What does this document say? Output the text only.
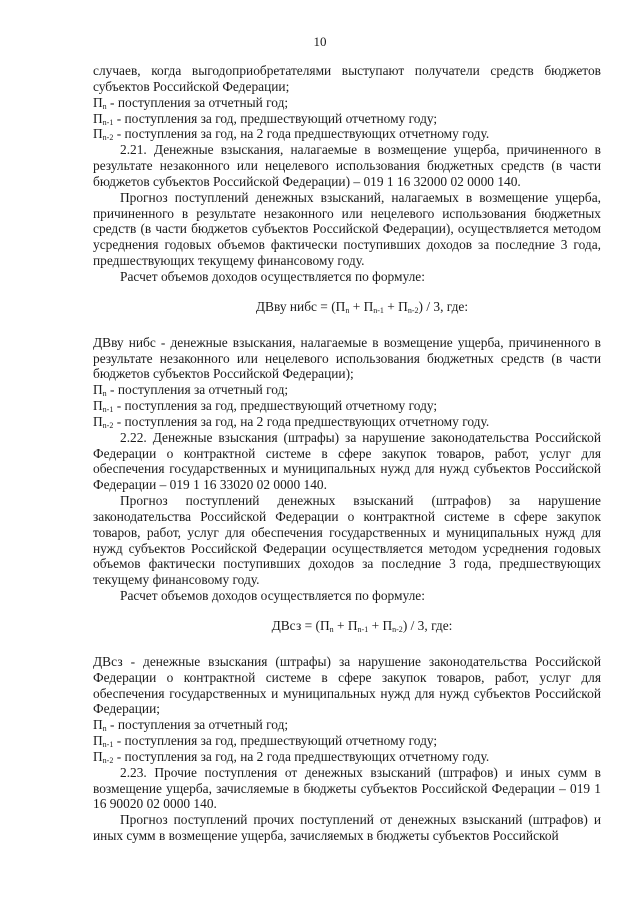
10

случаев, когда выгодоприобретателями выступают получатели средств бюджетов субъектов Российской Федерации;

$П_n$ - поступления за отчетный год;

$П_{n-1}$ - поступления за год, предшествующий отчетному году;

$П_{n-2}$ - поступления за год, на 2 года предшествующих отчетному году.

2.21. Денежные взыскания, налагаемые в возмещение ущерба, причиненного в результате незаконного или нецелевого использования бюджетных средств (в части бюджетов субъектов Российской Федерации) – 019 1 16 32000 02 0000 140.

Прогноз поступлений денежных взысканий, налагаемых в возмещение ущерба, причиненного в результате незаконного или нецелевого использования бюджетных средств (в части бюджетов субъектов Российской Федерации), осуществляется методом усреднения годовых объемов фактически поступивших доходов за последние 3 года, предшествующих текущему финансовому году.

Расчет объемов доходов осуществляется по формуле:

ДВву нибс = $(П_n + П_{n-1} + П_{n-2}) / 3$, где:

ДВву нибс - денежные взыскания, налагаемые в возмещение ущерба, причиненного в результате незаконного или нецелевого использования бюджетных средств (в части бюджетов субъектов Российской Федерации);

$П_n$ - поступления за отчетный год;

$П_{n-1}$ - поступления за год, предшествующий отчетному году;

$П_{n-2}$ - поступления за год, на 2 года предшествующих отчетному году.

2.22. Денежные взыскания (штрафы) за нарушение законодательства Российской Федерации о контрактной системе в сфере закупок товаров, работ, услуг для обеспечения государственных и муниципальных нужд для нужд субъектов Российской Федерации – 019 1 16 33020 02 0000 140.

Прогноз поступлений денежных взысканий (штрафов) за нарушение законодательства Российской Федерации о контрактной системе в сфере закупок товаров, работ, услуг для обеспечения государственных и муниципальных нужд для нужд субъектов Российской Федерации осуществляется методом усреднения годовых объемов фактически поступивших доходов за последние 3 года, предшествующих текущему финансовому году.

Расчет объемов доходов осуществляется по формуле:

ДВсз = $(П_n + П_{n-1} + П_{n-2}) / 3$, где:

ДВсз - денежные взыскания (штрафы) за нарушение законодательства Российской Федерации о контрактной системе в сфере закупок товаров, работ, услуг для обеспечения государственных и муниципальных нужд для нужд субъектов Российской Федерации;

$П_n$ - поступления за отчетный год;

$П_{n-1}$ - поступления за год, предшествующий отчетному году;

$П_{n-2}$ - поступления за год, на 2 года предшествующих отчетному году.

2.23. Прочие поступления от денежных взысканий (штрафов) и иных сумм в возмещение ущерба, зачисляемые в бюджеты субъектов Российской Федерации – 019 1 16 90020 02 0000 140.

Прогноз поступлений прочих поступлений от денежных взысканий (штрафов) и иных сумм в возмещение ущерба, зачисляемых в бюджеты субъектов Российской
